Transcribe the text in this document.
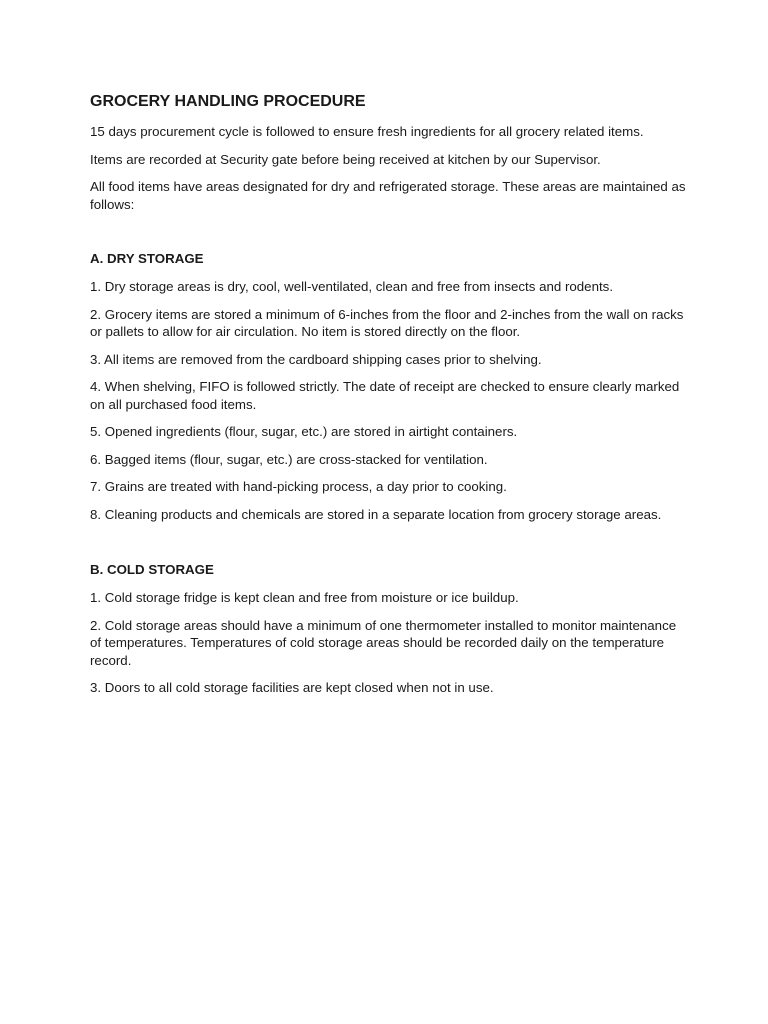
GROCERY HANDLING PROCEDURE

15 days procurement cycle is followed to ensure fresh ingredients for all grocery related items.

Items are recorded at Security gate before being received at kitchen by our Supervisor.

All food items have areas designated for dry and refrigerated storage. These areas are maintained as follows:

A. DRY STORAGE
1. Dry storage areas is dry, cool, well-ventilated, clean and free from insects and rodents.
2. Grocery items are stored a minimum of 6-inches from the floor and 2-inches from the wall on racks or pallets to allow for air circulation. No item is stored directly on the floor.
3. All items are removed from the cardboard shipping cases prior to shelving.
4. When shelving, FIFO is followed strictly. The date of receipt are checked to ensure clearly marked on all purchased food items.
5. Opened ingredients (flour, sugar, etc.) are stored in airtight containers.
6. Bagged items (flour, sugar, etc.) are cross-stacked for ventilation.
7. Grains are treated with hand-picking process, a day prior to cooking.
8. Cleaning products and chemicals are stored in a separate location from grocery storage areas.
B. COLD STORAGE
1. Cold storage fridge is kept clean and free from moisture or ice buildup.
2. Cold storage areas should have a minimum of one thermometer installed to monitor maintenance of temperatures. Temperatures of cold storage areas should be recorded daily on the temperature record.
3. Doors to all cold storage facilities are kept closed when not in use.
